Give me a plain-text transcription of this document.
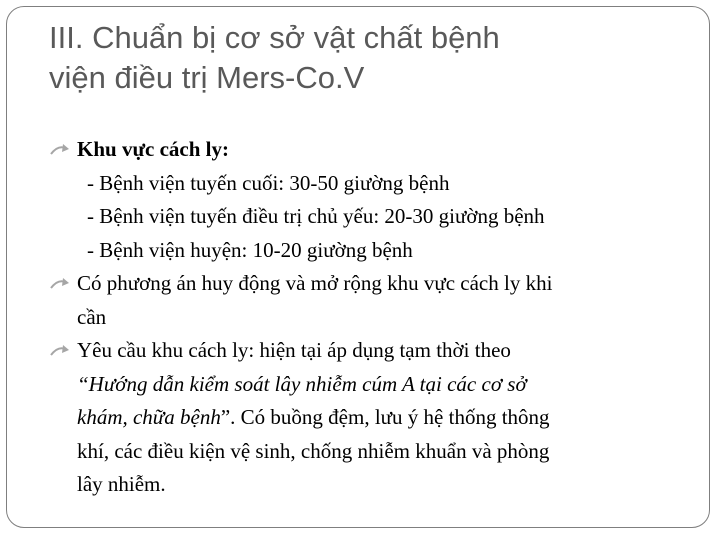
III. Chuẩn bị cơ sở vật chất bệnh
viện điều trị Mers-Co.V
Khu vực cách ly:
- Bệnh viện tuyến cuối: 30-50 giường bệnh
- Bệnh viện tuyến điều trị chủ yếu: 20-30 giường bệnh
- Bệnh viện huyện: 10-20 giường bệnh
Có phương án huy động và mở rộng khu vực cách ly khi
cần
Yêu cầu khu cách ly: hiện tại áp dụng tạm thời theo
“Hướng dẫn kiểm soát lây nhiễm cúm A tại các cơ sở
khám, chữa bệnh”. Có buồng đệm, lưu ý hệ thống thông
khí, các điều kiện vệ sinh, chống nhiễm khuẩn và phòng
lây nhiễm.
